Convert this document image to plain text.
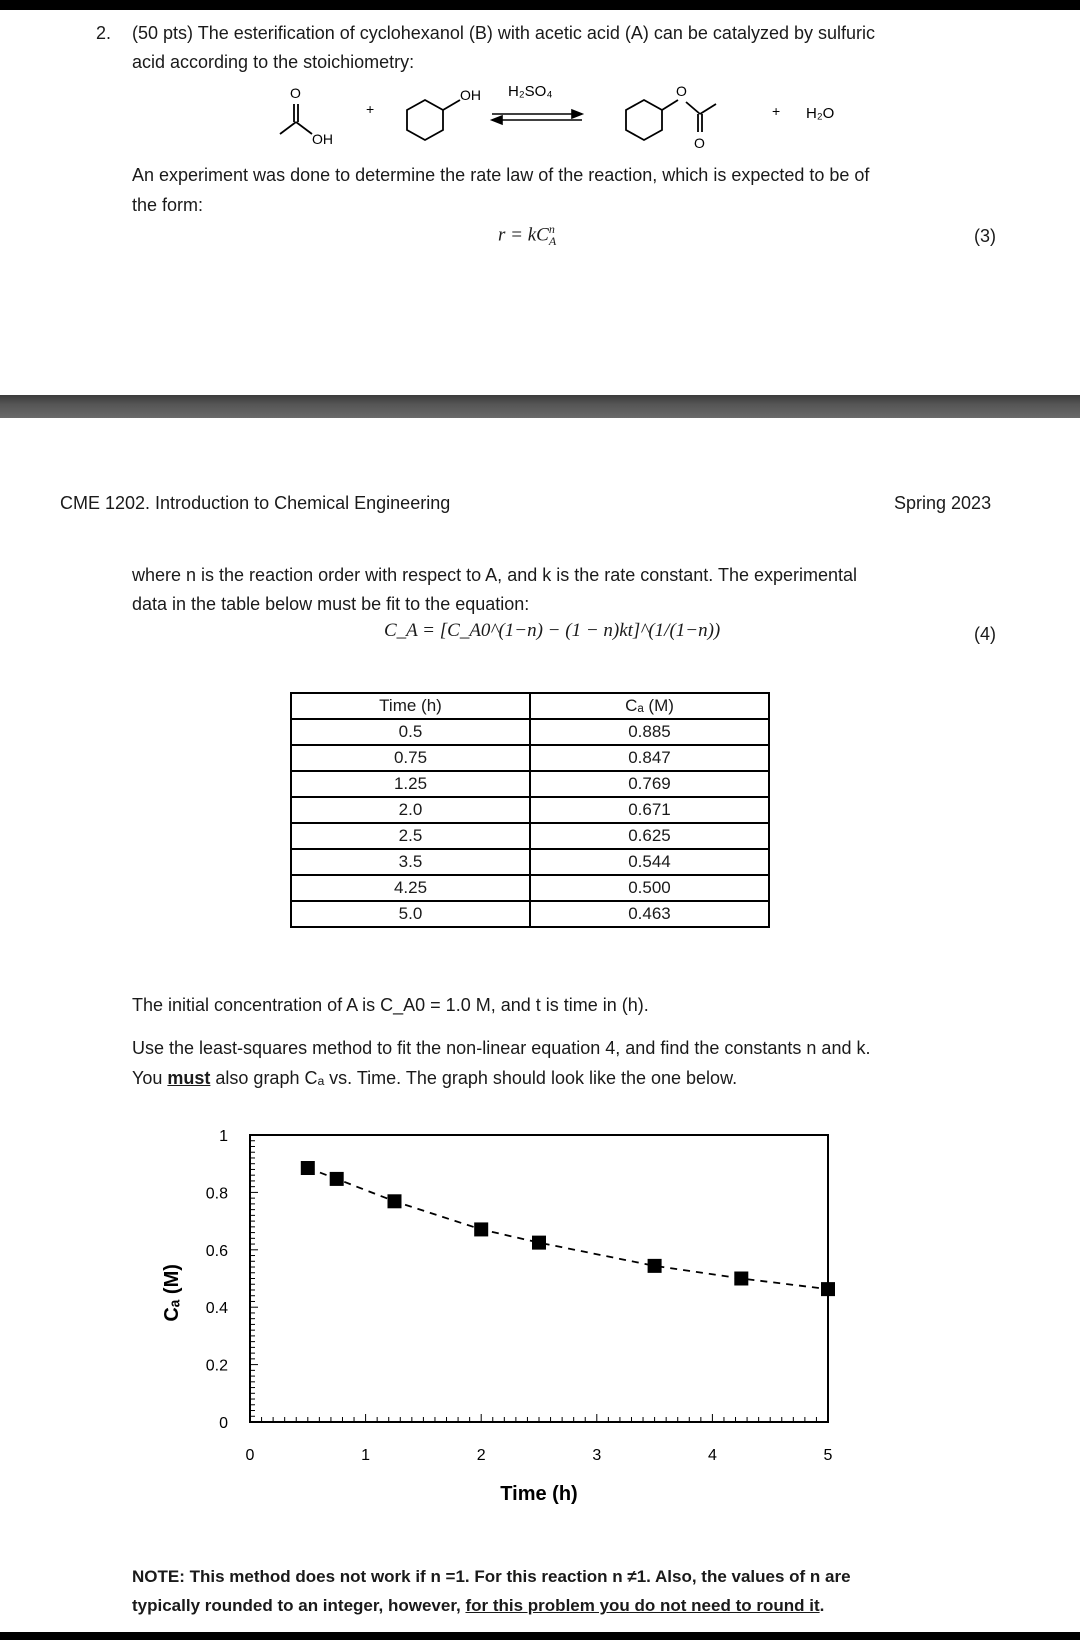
2. (50 pts) The esterification of cyclohexanol (B) with acetic acid (A) can be catalyzed by sulfuric
acid according to the stoichiometry:
O
OH
+
OH H₂SO₄	O
O
+ H₂O
An experiment was done to determine the rate law of the reaction, which is expected to be of
the form:
$r = kC^n_A$	(3)
CME 1202. Introduction to Chemical Engineering	Spring 2023
where n is the reaction order with respect to A, and k is the rate constant. The experimental
data in the table below must be fit to the equation:
C_A = [C_A0^(1−n) − (1 − n)kt]^(1/(1−n))	(4)
Time (h)	Cₐ (M)
0.5	0.885
0.75	0.847
1.25	0.769
2.0	0.671
2.5	0.625
3.5	0.544
4.25	0.500
5.0	0.463
The initial concentration of A is C_A0 = 1.0 M, and t is time in (h).
Use the least-squares method to fit the non-linear equation 4, and find the constants n and k.
You must also graph Cₐ vs. Time. The graph should look like the one below.
0	1	2	3	4	5
0
0.2
0.4
0.6
0.8
1
Time (h)
Cₐ (M)
NOTE: This method does not work if n =1. For this reaction n ≠1. Also, the values of n are
typically rounded to an integer, however, for this problem you do not need to round it.
